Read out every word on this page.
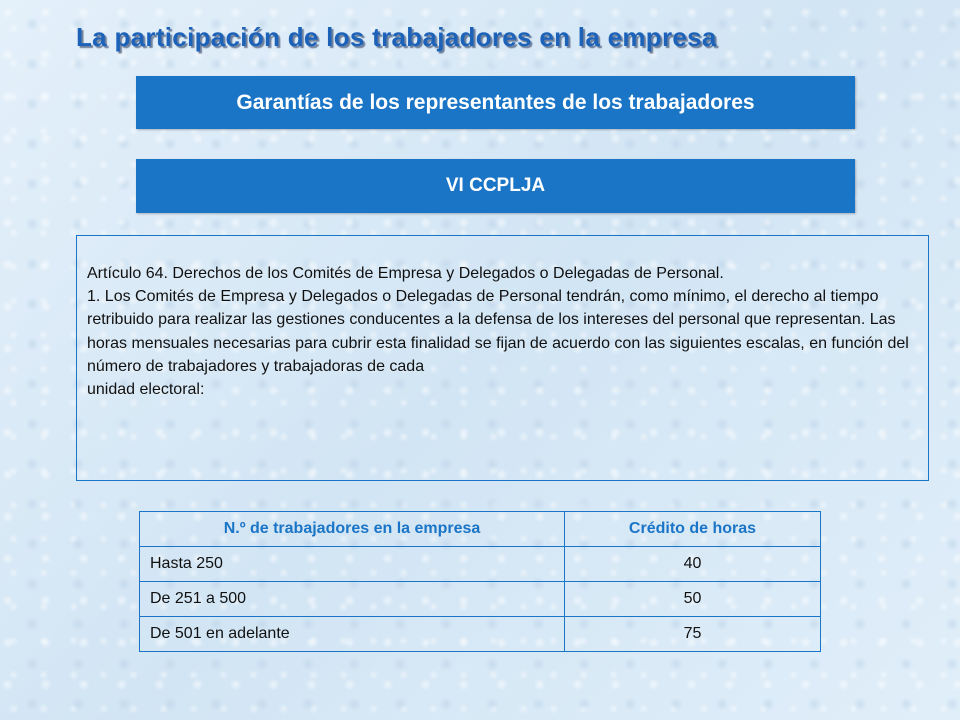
La participación de los trabajadores en la empresa
Garantías de los representantes de los trabajadores
VI CCPLJA

Artículo 64. Derechos de los Comités de Empresa y Delegados o Delegadas de Personal.

1. Los Comités de Empresa y Delegados o Delegadas de Personal tendrán, como mínimo, el derecho al tiempo retribuido para realizar las gestiones conducentes a la defensa de los intereses del personal que representan. Las horas mensuales necesarias para cubrir esta finalidad se fijan de acuerdo con las siguientes escalas, en función del número de trabajadores y trabajadoras de cada

unidad electoral:

N.º de trabajadores en la empresa	Crédito de horas
Hasta 250	40
De 251 a 500	50
De 501 en adelante	75
